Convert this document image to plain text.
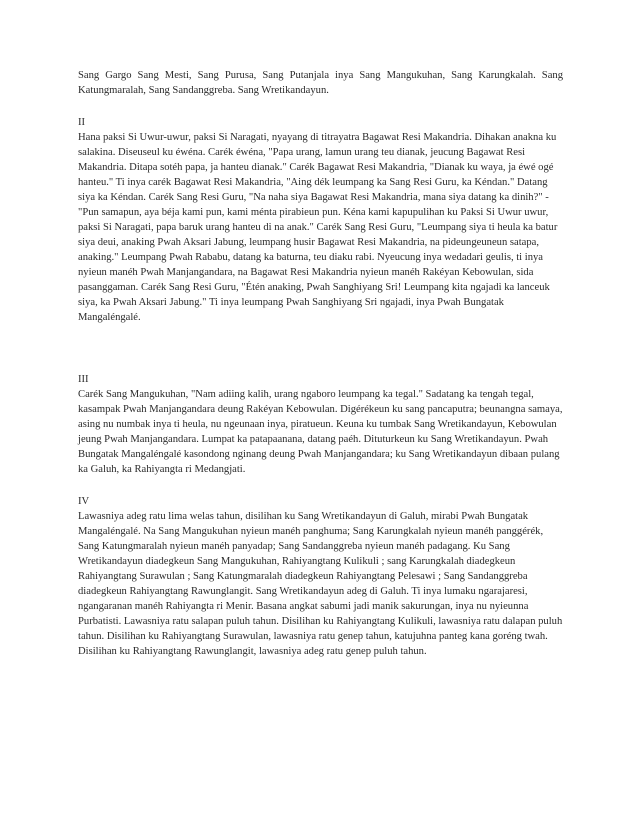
Sang Gargo Sang Mesti, Sang Purusa, Sang Putanjala inya Sang Mangukuhan, Sang Karungkalah. Sang Katungmaralah, Sang Sandanggreba. Sang Wretikandayun.

II

Hana paksi Si Uwur-uwur, paksi Si Naragati, nyayang di titrayatra Bagawat Resi Makandria. Dihakan anakna ku salakina. Diseuseul ku éwéna. Carék éwéna, "Papa urang, lamun urang teu dianak, jeucung Bagawat Resi Makandria. Ditapa sotéh papa, ja hanteu dianak." Carék Bagawat Resi Makandria, "Dianak ku waya, ja éwé ogé hanteu." Ti inya carék Bagawat Resi Makandria, "Aing dék leumpang ka Sang Resi Guru, ka Kéndan." Datang siya ka Kéndan. Carék Sang Resi Guru, "Na naha siya Bagawat Resi Makandria, mana siya datang ka dinih?" - "Pun samapun, aya béja kami pun, kami ménta pirabieun pun. Kéna kami kapupulihan ku Paksi Si Uwur uwur, paksi Si Naragati, papa baruk urang hanteu di na anak." Carék Sang Resi Guru, "Leumpang siya ti heula ka batur siya deui, anaking Pwah Aksari Jabung, leumpang husir Bagawat Resi Makandria, na pideungeuneun satapa, anaking." Leumpang Pwah Rababu, datang ka baturna, teu diaku rabi. Nyeucung inya wedadari geulis, ti inya nyieun manéh Pwah Manjangandara, na Bagawat Resi Makandria nyieun manéh Rakéyan Kebowulan, sida pasanggaman. Carék Sang Resi Guru, "Étén anaking, Pwah Sanghiyang Sri! Leumpang kita ngajadi ka lanceuk siya, ka Pwah Aksari Jabung." Ti inya leumpang Pwah Sanghiyang Sri ngajadi, inya Pwah Bungatak Mangaléngalé.

III

Carék Sang Mangukuhan, "Nam adiing kalih, urang ngaboro leumpang ka tegal." Sadatang ka tengah tegal, kasampak Pwah Manjangandara deung Rakéyan Kebowulan. Digérékeun ku sang pancaputra; beunangna samaya, asing nu numbak inya ti heula, nu ngeunaan inya, piratueun. Keuna ku tumbak Sang Wretikandayun, Kebowulan jeung Pwah Manjangandara. Lumpat ka patapaanana, datang paéh. Dituturkeun ku Sang Wretikandayun. Pwah Bungatak Mangaléngalé kasondong nginang deung Pwah Manjangandara; ku Sang Wretikandayun dibaan pulang ka Galuh, ka Rahiyangta ri Medangjati.

IV

Lawasniya adeg ratu lima welas tahun, disilihan ku Sang Wretikandayun di Galuh, mirabi Pwah Bungatak Mangaléngalé. Na Sang Mangukuhan nyieun manéh panghuma; Sang Karungkalah nyieun manéh panggérék, Sang Katungmaralah nyieun manéh panyadap; Sang Sandanggreba nyieun manéh padagang. Ku Sang Wretikandayun diadegkeun Sang Mangukuhan, Rahiyangtang Kulikuli ; sang Karungkalah diadegkeun Rahiyangtang Surawulan ; Sang Katungmaralah diadegkeun Rahiyangtang Pelesawi ; Sang Sandanggreba diadegkeun Rahiyangtang Rawunglangit. Sang Wretikandayun adeg di Galuh. Ti inya lumaku ngarajaresi, ngangaranan manéh Rahiyangta ri Menir. Basana angkat sabumi jadi manik sakurungan, inya nu nyieunna Purbatisti. Lawasniya ratu salapan puluh tahun. Disilihan ku Rahiyangtang Kulikuli, lawasniya ratu dalapan puluh tahun. Disilihan ku Rahiyangtang Surawulan, lawasniya ratu genep tahun, katujuhna panteg kana goréng twah. Disilihan ku Rahiyangtang Rawunglangit, lawasniya adeg ratu genep puluh tahun.
